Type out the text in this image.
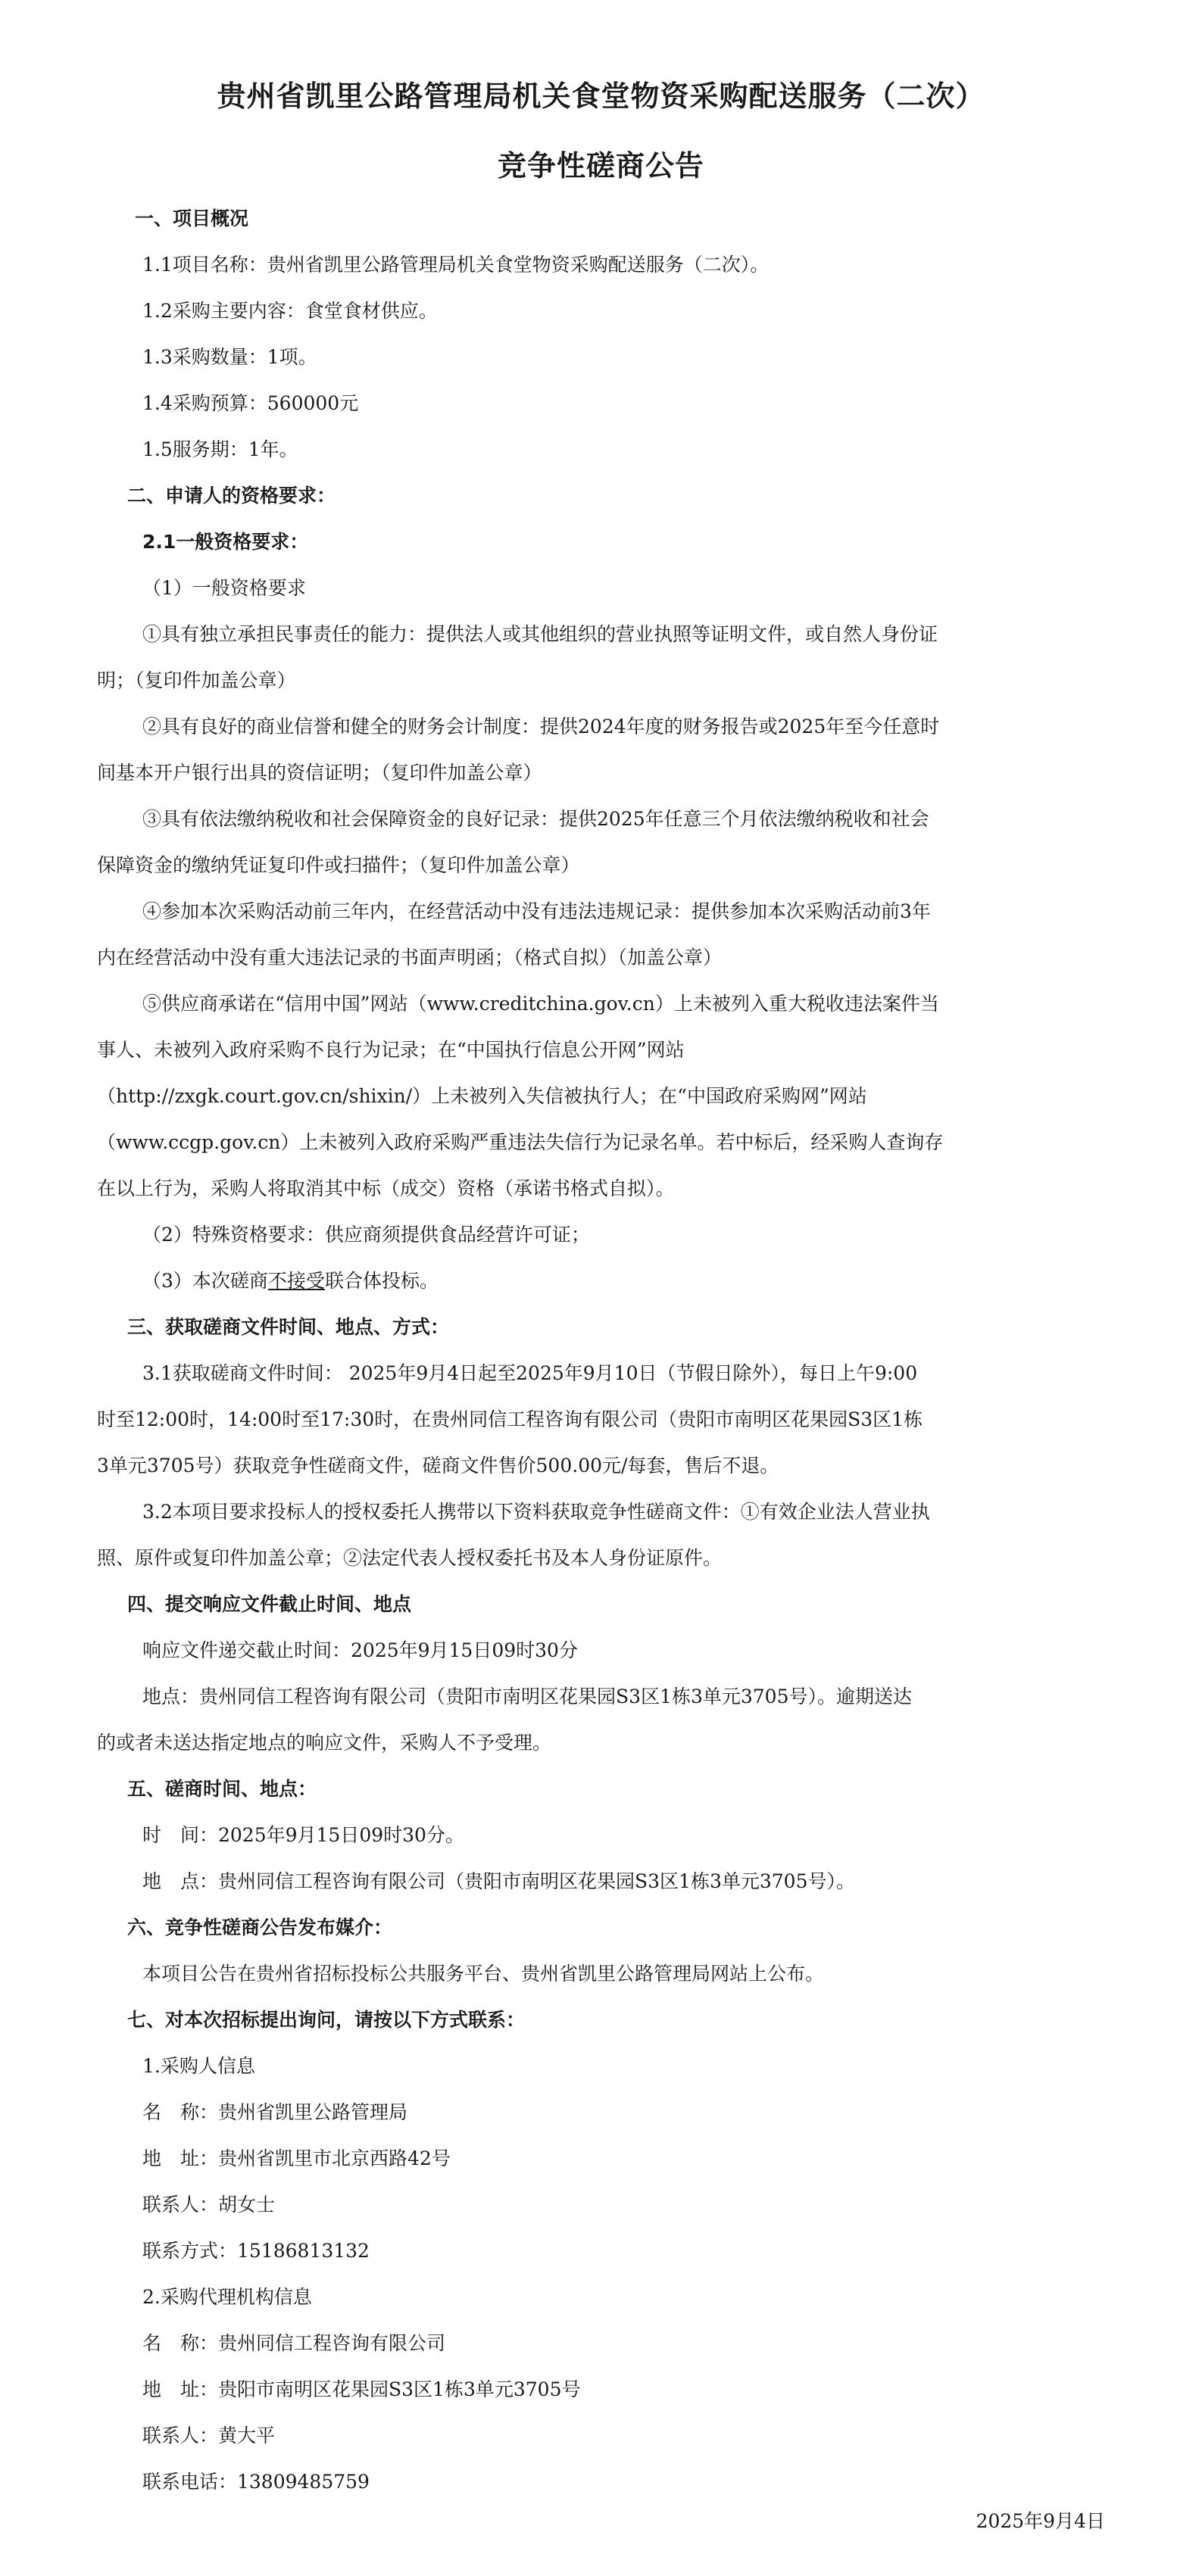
贵州省凯里公路管理局机关食堂物资采购配送服务（二次）
竞争性磋商公告
一、项目概况
1.1项目名称：贵州省凯里公路管理局机关食堂物资采购配送服务（二次）。
1.2采购主要内容：食堂食材供应。
1.3采购数量：1项。
1.4采购预算：560000元
1.5服务期：1年。
二、申请人的资格要求：
2.1一般资格要求：
（1）一般资格要求
①具有独立承担民事责任的能力：提供法人或其他组织的营业执照等证明文件，或自然人身份证
明；（复印件加盖公章）
②具有良好的商业信誉和健全的财务会计制度：提供2024年度的财务报告或2025年至今任意时
间基本开户银行出具的资信证明；（复印件加盖公章）
③具有依法缴纳税收和社会保障资金的良好记录：提供2025年任意三个月依法缴纳税收和社会
保障资金的缴纳凭证复印件或扫描件；（复印件加盖公章）
④参加本次采购活动前三年内，在经营活动中没有违法违规记录：提供参加本次采购活动前3年
内在经营活动中没有重大违法记录的书面声明函；（格式自拟）（加盖公章）
⑤供应商承诺在“信用中国”网站（www.creditchina.gov.cn）上未被列入重大税收违法案件当
事人、未被列入政府采购不良行为记录；在“中国执行信息公开网”网站
（http://zxgk.court.gov.cn/shixin/）上未被列入失信被执行人；在“中国政府采购网”网站
（www.ccgp.gov.cn）上未被列入政府采购严重违法失信行为记录名单。若中标后，经采购人查询存
在以上行为，采购人将取消其中标（成交）资格（承诺书格式自拟）。
（2）特殊资格要求：供应商须提供食品经营许可证；
（3）本次磋商不接受联合体投标。
三、获取磋商文件时间、地点、方式：
3.1获取磋商文件时间： 2025年9月4日起至2025年9月10日（节假日除外），每日上午9:00
时至12:00时，14:00时至17:30时，在贵州同信工程咨询有限公司（贵阳市南明区花果园S3区1栋
3单元3705号）获取竞争性磋商文件，磋商文件售价500.00元/每套，售后不退。
3.2本项目要求投标人的授权委托人携带以下资料获取竞争性磋商文件：①有效企业法人营业执
照、原件或复印件加盖公章；②法定代表人授权委托书及本人身份证原件。
四、提交响应文件截止时间、地点
响应文件递交截止时间：2025年9月15日09时30分
地点：贵州同信工程咨询有限公司（贵阳市南明区花果园S3区1栋3单元3705号）。逾期送达
的或者未送达指定地点的响应文件，采购人不予受理。
五、磋商时间、地点：
时　间：2025年9月15日09时30分。
地　点：贵州同信工程咨询有限公司（贵阳市南明区花果园S3区1栋3单元3705号）。
六、竞争性磋商公告发布媒介：
本项目公告在贵州省招标投标公共服务平台、贵州省凯里公路管理局网站上公布。
七、对本次招标提出询问，请按以下方式联系：
1.采购人信息
名　称：贵州省凯里公路管理局
地　址：贵州省凯里市北京西路42号
联系人：胡女士
联系方式：15186813132
2.采购代理机构信息
名　称：贵州同信工程咨询有限公司
地　址：贵阳市南明区花果园S3区1栋3单元3705号
联系人：黄大平
联系电话：13809485759
2025年9月4日
